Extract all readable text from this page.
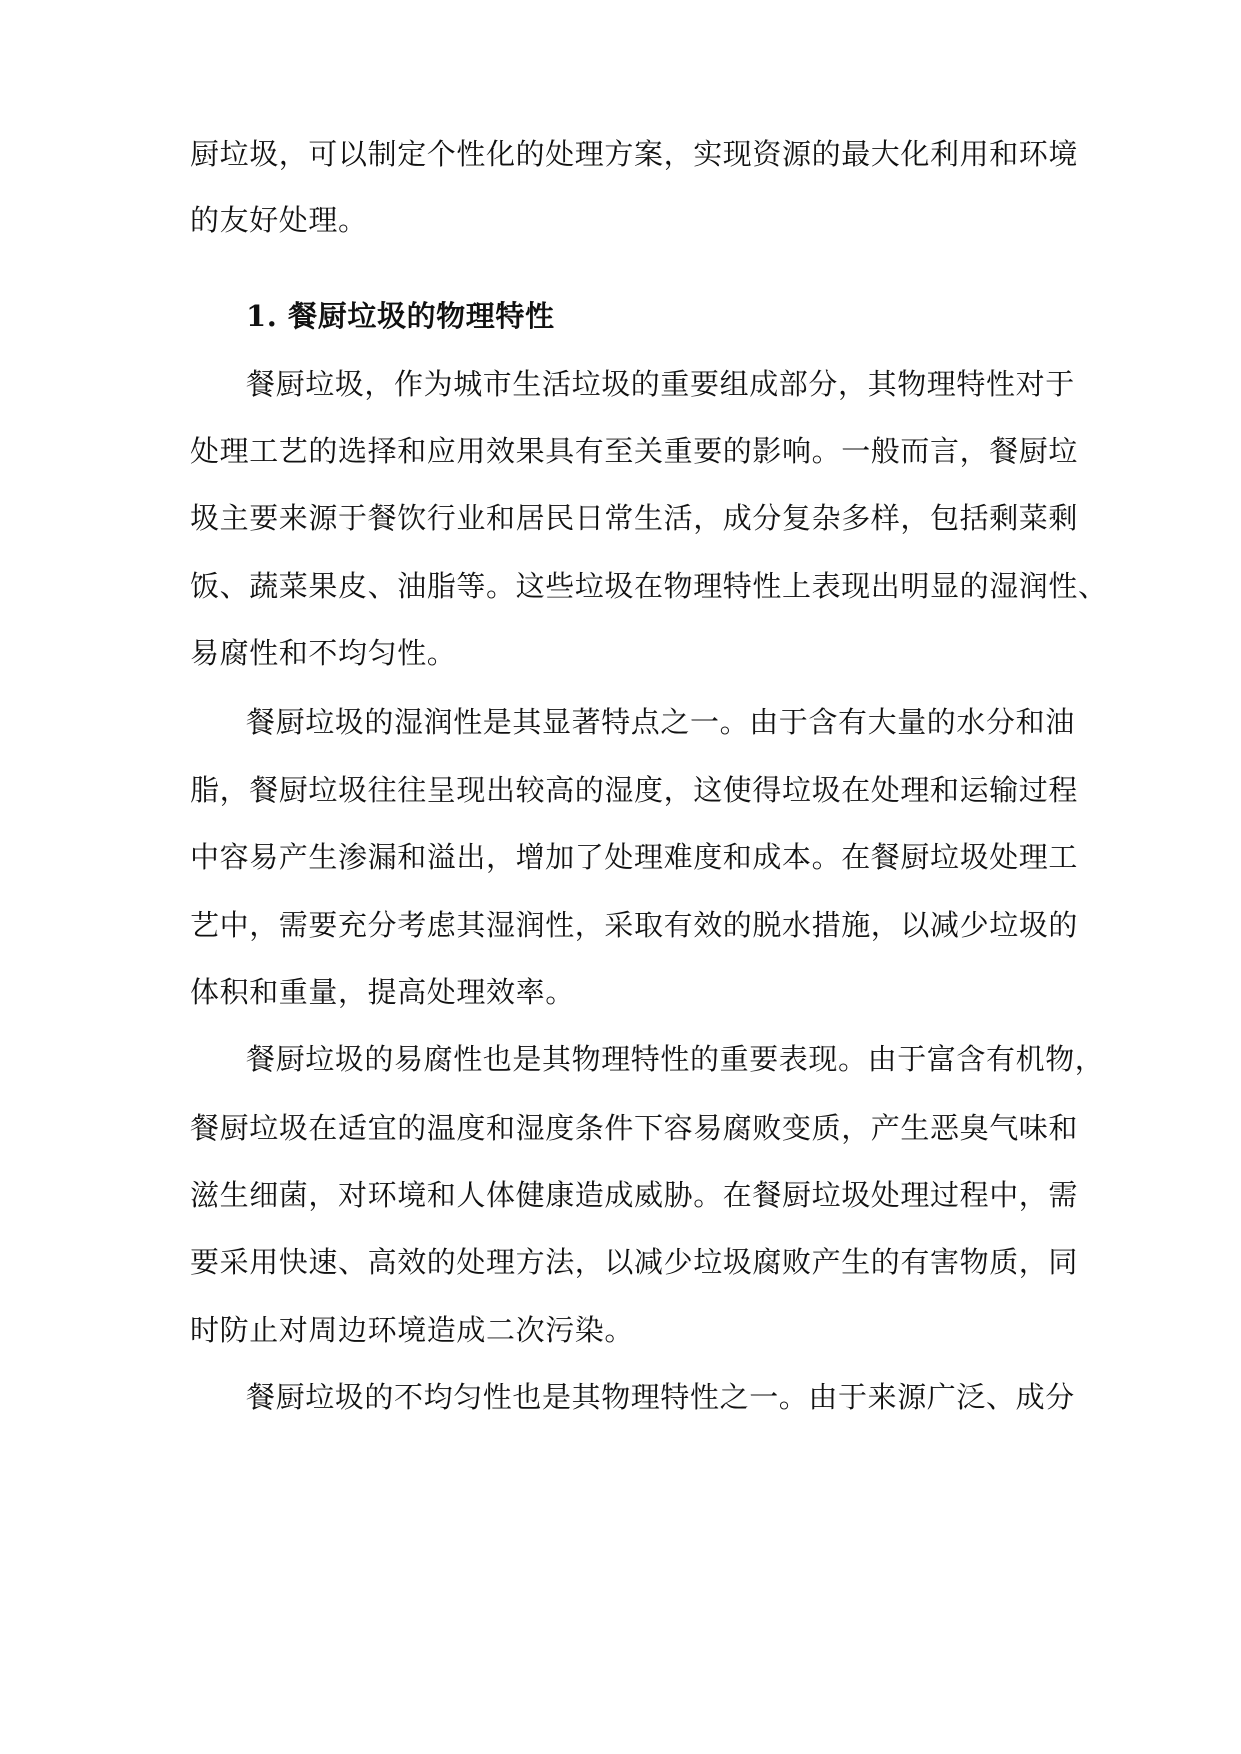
厨垃圾，可以制定个性化的处理方案，实现资源的最大化利用和环境
的友好处理。
1. 餐厨垃圾的物理特性
餐厨垃圾，作为城市生活垃圾的重要组成部分，其物理特性对于
处理工艺的选择和应用效果具有至关重要的影响。一般而言，餐厨垃
圾主要来源于餐饮行业和居民日常生活，成分复杂多样，包括剩菜剩
饭、蔬菜果皮、油脂等。这些垃圾在物理特性上表现出明显的湿润性、
易腐性和不均匀性。
餐厨垃圾的湿润性是其显著特点之一。由于含有大量的水分和油
脂，餐厨垃圾往往呈现出较高的湿度，这使得垃圾在处理和运输过程
中容易产生渗漏和溢出，增加了处理难度和成本。在餐厨垃圾处理工
艺中，需要充分考虑其湿润性，采取有效的脱水措施，以减少垃圾的
体积和重量，提高处理效率。
餐厨垃圾的易腐性也是其物理特性的重要表现。由于富含有机物，
餐厨垃圾在适宜的温度和湿度条件下容易腐败变质，产生恶臭气味和
滋生细菌，对环境和人体健康造成威胁。在餐厨垃圾处理过程中，需
要采用快速、高效的处理方法，以减少垃圾腐败产生的有害物质，同
时防止对周边环境造成二次污染。
餐厨垃圾的不均匀性也是其物理特性之一。由于来源广泛、成分
